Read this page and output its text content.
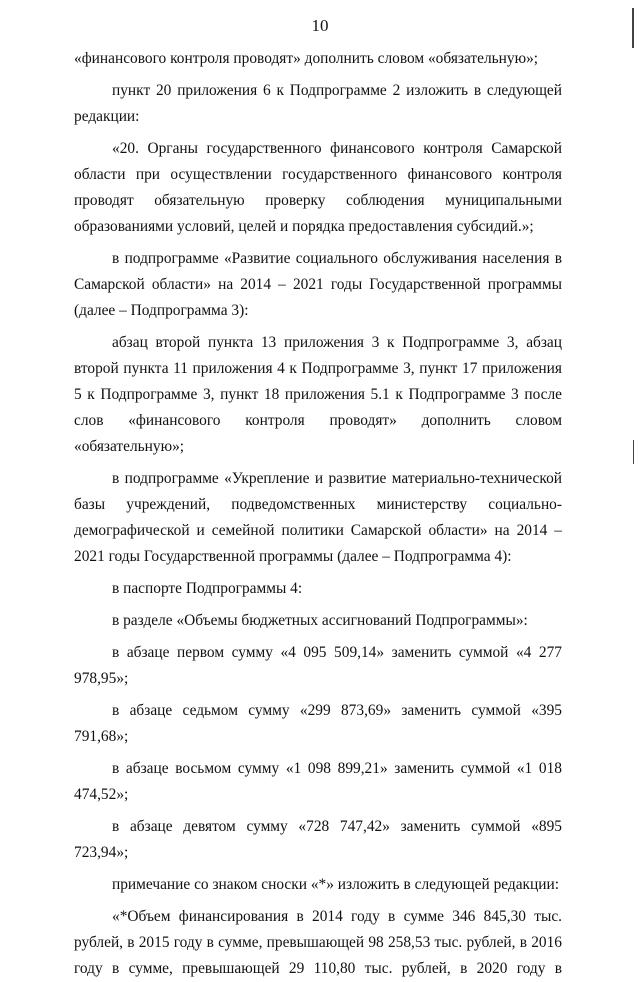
10

«финансового контроля проводят» дополнить словом «обязательную»;

пункт 20 приложения 6 к Подпрограмме 2 изложить в следующей редакции:

«20. Органы государственного финансового контроля Самарской области при осуществлении государственного финансового контроля проводят обязательную проверку соблюдения муниципальными образованиями условий, целей и порядка предоставления субсидий.»;

в подпрограмме «Развитие социального обслуживания населения в Самарской области» на 2014 – 2021 годы Государственной программы (далее – Подпрограмма 3):

абзац второй пункта 13 приложения 3 к Подпрограмме 3, абзац второй пункта 11 приложения 4 к Подпрограмме 3, пункт 17 приложения 5 к Подпрограмме 3, пункт 18 приложения 5.1 к Подпрограмме 3 после слов «финансового контроля проводят» дополнить словом «обязательную»;

в подпрограмме «Укрепление и развитие материально-технической базы учреждений, подведомственных министерству социально-демографической и семейной политики Самарской области» на 2014 – 2021 годы Государственной программы (далее – Подпрограмма 4):

в паспорте Подпрограммы 4:

в разделе «Объемы бюджетных ассигнований Подпрограммы»:

в абзаце первом сумму «4 095 509,14» заменить суммой «4 277 978,95»;

в абзаце седьмом сумму «299 873,69» заменить суммой «395 791,68»;

в абзаце восьмом сумму «1 098 899,21» заменить суммой «1 018 474,52»;

в абзаце девятом сумму «728 747,42» заменить суммой «895 723,94»;

примечание со знаком сноски «*» изложить в следующей редакции:

«*Объем финансирования в 2014 году в сумме 346 845,30 тыс. рублей, в 2015 году в сумме, превышающей 98 258,53 тыс. рублей, в 2016 году в сумме, превышающей 29 110,80 тыс. рублей, в 2020 году в
